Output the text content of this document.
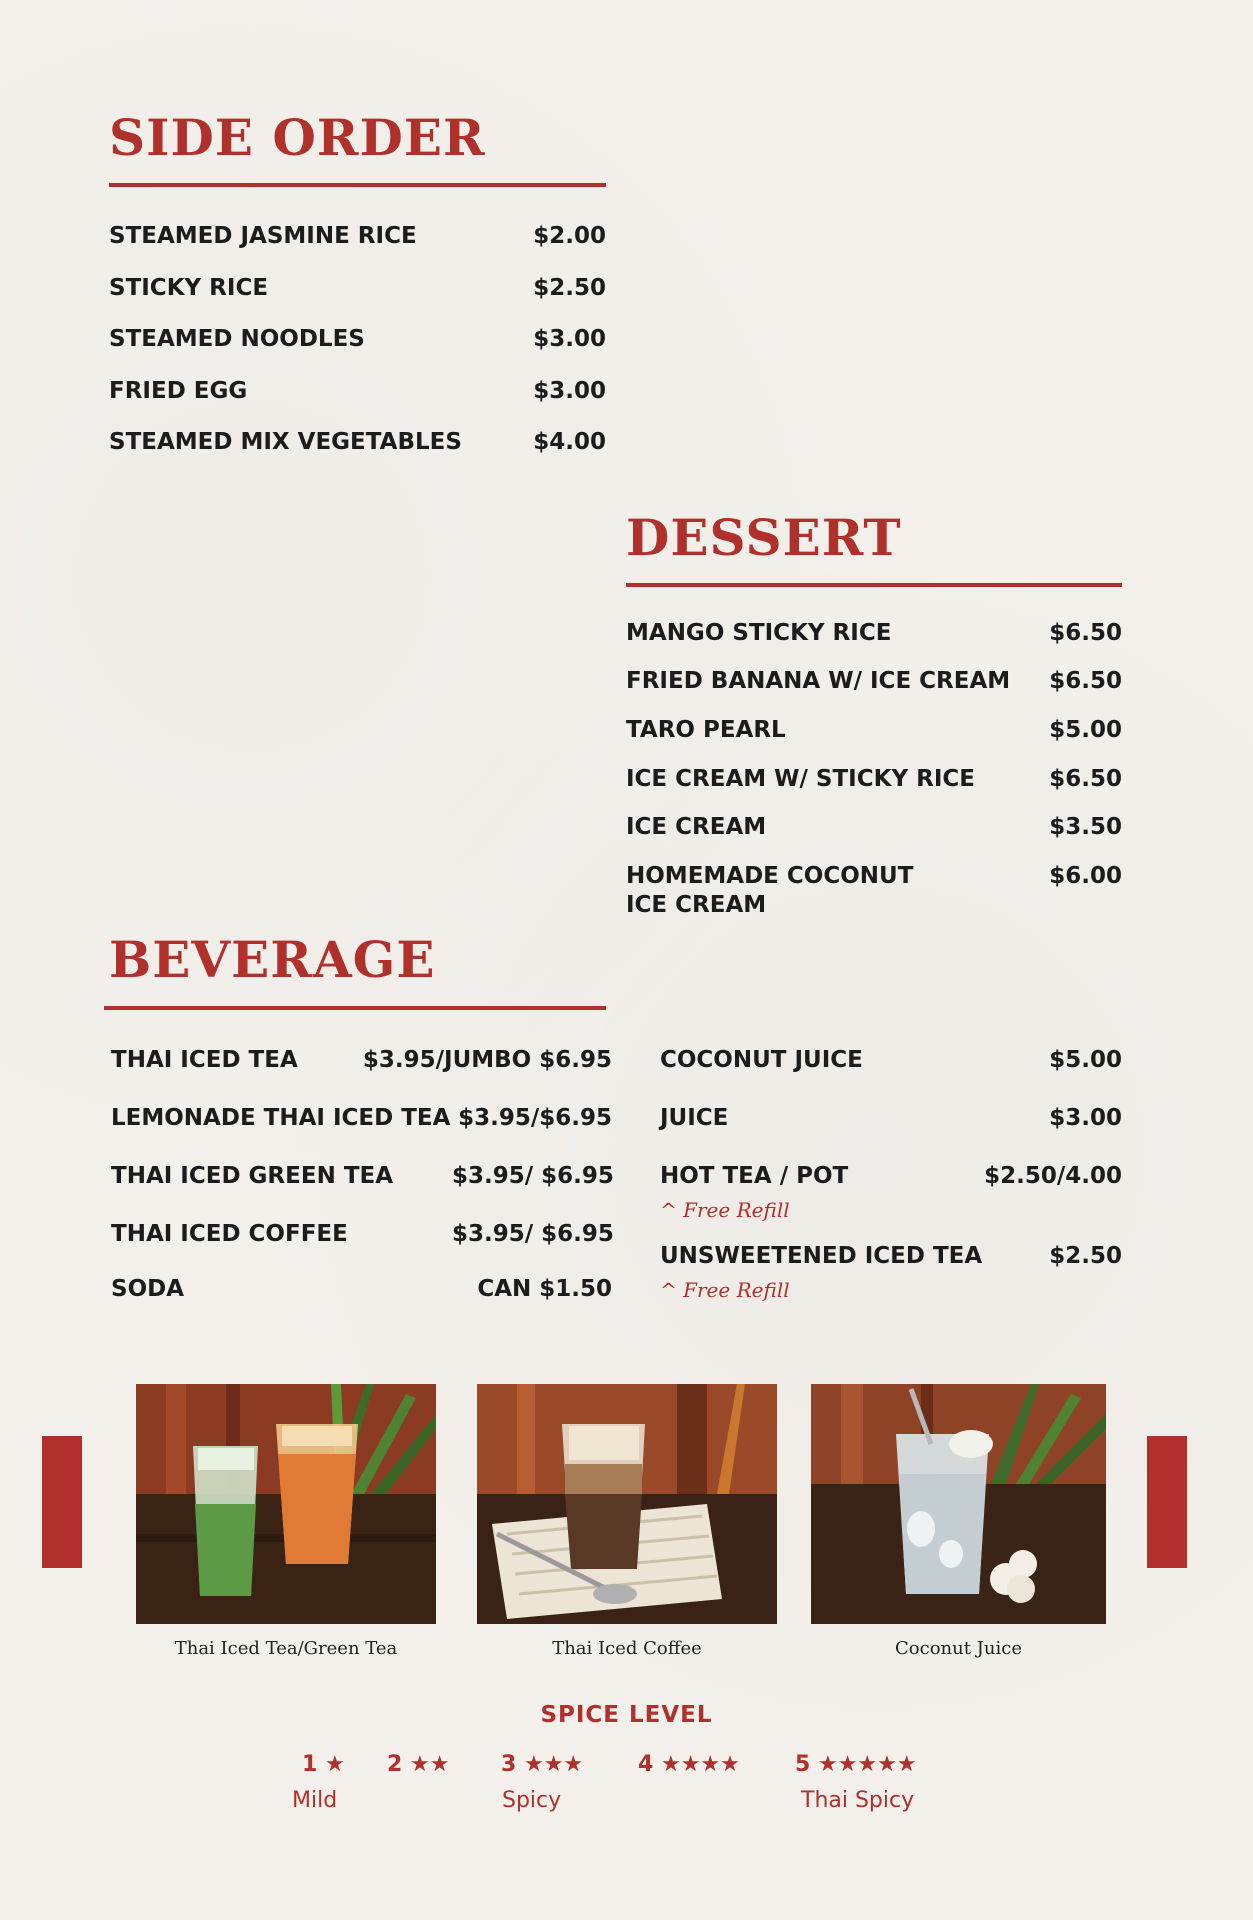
SIDE ORDER
STEAMED JASMINE RICE	$2.00
STICKY RICE	$2.50
STEAMED NOODLES	$3.00
FRIED EGG	$3.00
STEAMED MIX VEGETABLES	$4.00
DESSERT
MANGO STICKY RICE	$6.50
FRIED BANANA W/ ICE CREAM	$6.50
TARO PEARL	$5.00
ICE CREAM W/ STICKY RICE	$6.50
ICE CREAM	$3.50
HOMEMADE COCONUT
ICE CREAM
$6.00
BEVERAGE
THAI ICED TEA	$3.95/JUMBO $6.95
LEMONADE THAI ICED TEA $3.95/$6.95
THAI ICED GREEN TEA	$3.95/ $6.95
THAI ICED COFFEE	$3.95/ $6.95
SODA	CAN $1.50
COCONUT JUICE	$5.00
JUICE	$3.00
HOT TEA / POT	$2.50/4.00
^ Free Refill
UNSWEETENED ICED TEA	$2.50
^ Free Refill
Thai Iced Tea/Green Tea	Thai Iced Coffee	Coconut Juice
SPICE LEVEL
1 ★ 2 ★★ 3 ★★★ 4 ★★★★	5 ★★★★★
Mild	Spicy	Thai Spicy
